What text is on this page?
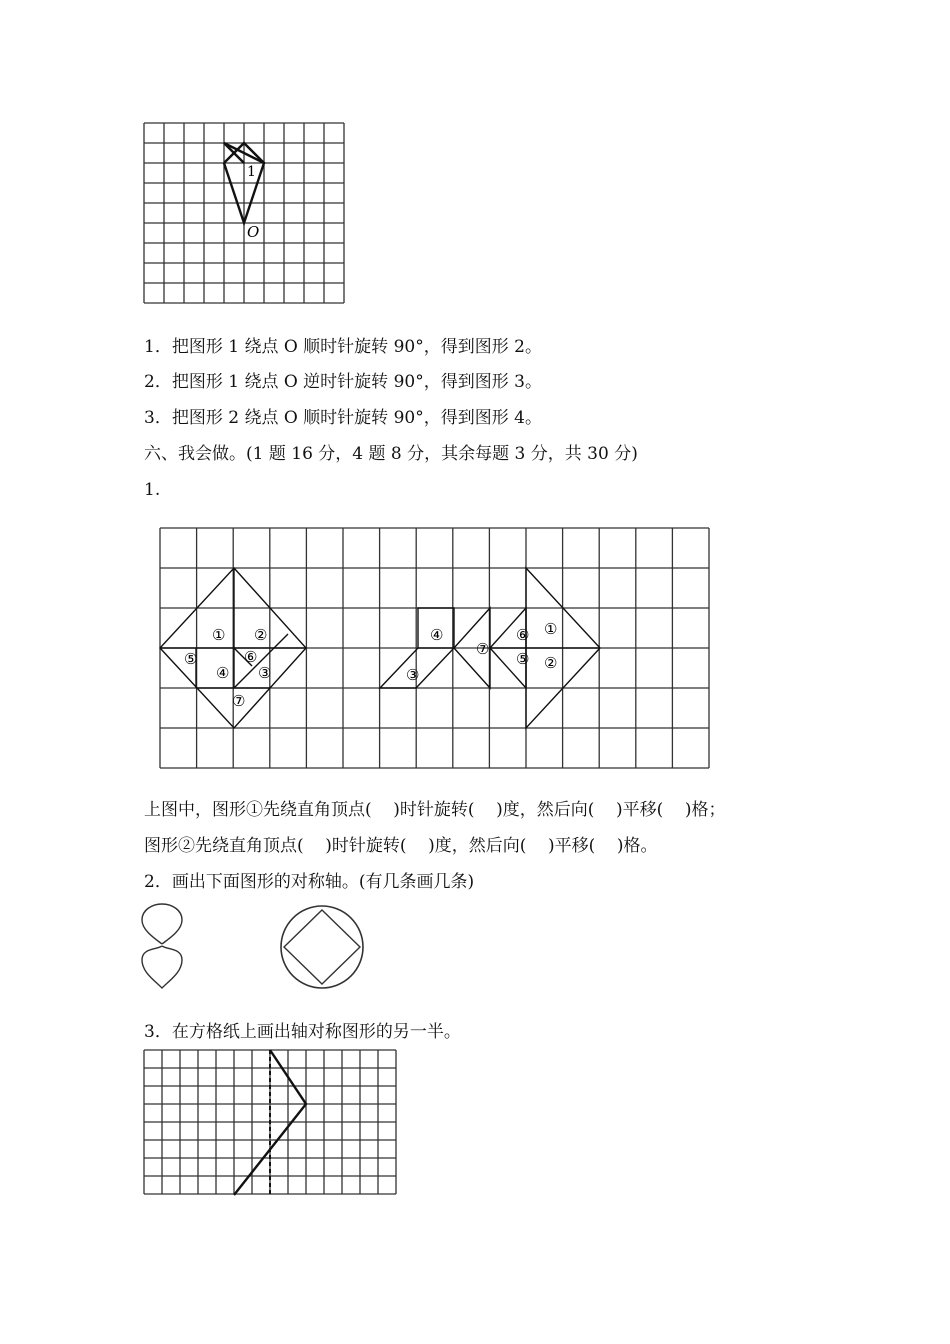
1
O
1．把图形 1 绕点 O 顺时针旋转 90°，得到图形 2。
2．把图形 1 绕点 O 逆时针旋转 90°，得到图形 3。
3．把图形 2 绕点 O 顺时针旋转 90°，得到图形 4。
六、我会做。(1 题 16 分，4 题 8 分，其余每题 3 分，共 30 分)
1.
① ②
⑤	⑥
④ ③
⑦
④
③
⑦
⑥ ①
⑤ ②
上图中，图形①先绕直角顶点(    )时针旋转(    )度，然后向(    )平移(    )格；
图形②先绕直角顶点(    )时针旋转(    )度，然后向(    )平移(    )格。
2．画出下面图形的对称轴。(有几条画几条)
3．在方格纸上画出轴对称图形的另一半。
